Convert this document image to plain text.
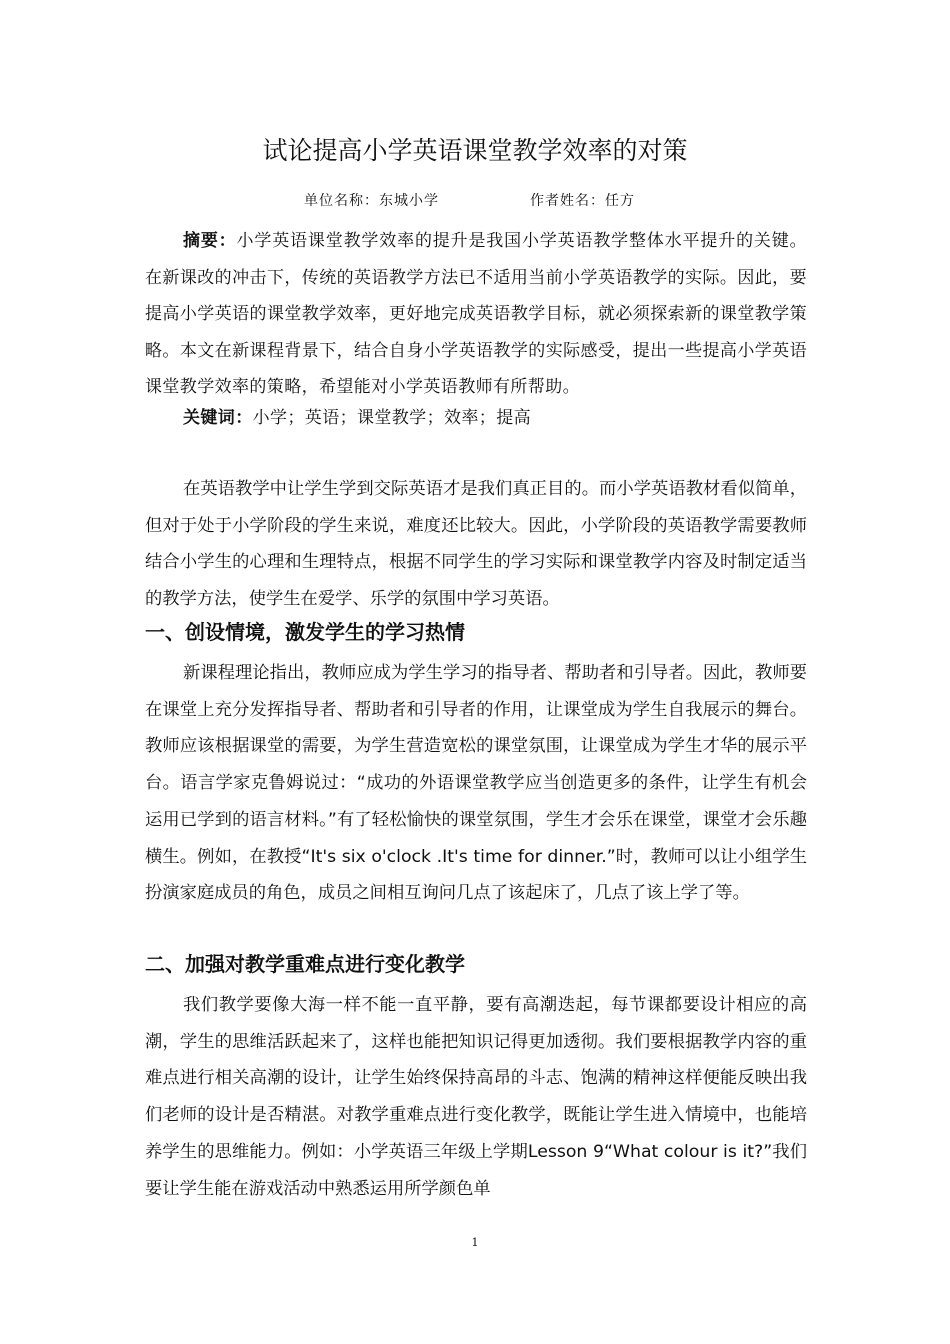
试论提高小学英语课堂教学效率的对策
单位名称：东城小学	作者姓名：任方
摘要：小学英语课堂教学效率的提升是我国小学英语教学整体水平提升的关键。在新课改的冲击下，传统的英语教学方法已不适用当前小学英语教学的实际。因此，要提高小学英语的课堂教学效率，更好地完成英语教学目标，就必须探索新的课堂教学策略。本文在新课程背景下，结合自身小学英语教学的实际感受，提出一些提高小学英语课堂教学效率的策略，希望能对小学英语教师有所帮助。
关键词：小学；英语；课堂教学；效率；提高
在英语教学中让学生学到交际英语才是我们真正目的。而小学英语教材看似简单，但对于处于小学阶段的学生来说，难度还比较大。因此，小学阶段的英语教学需要教师结合小学生的心理和生理特点，根据不同学生的学习实际和课堂教学内容及时制定适当的教学方法，使学生在爱学、乐学的氛围中学习英语。
一、创设情境，激发学生的学习热情
新课程理论指出，教师应成为学生学习的指导者、帮助者和引导者。因此，教师要在课堂上充分发挥指导者、帮助者和引导者的作用，让课堂成为学生自我展示的舞台。教师应该根据课堂的需要，为学生营造宽松的课堂氛围，让课堂成为学生才华的展示平台。语言学家克鲁姆说过：“成功的外语课堂教学应当创造更多的条件，让学生有机会运用已学到的语言材料。”有了轻松愉快的课堂氛围，学生才会乐在课堂，课堂才会乐趣横生。例如，在教授“It's six o'clock .It's time for dinner.”时，教师可以让小组学生扮演家庭成员的角色，成员之间相互询问几点了该起床了，几点了该上学了等。
二、加强对教学重难点进行变化教学
我们教学要像大海一样不能一直平静，要有高潮迭起，每节课都要设计相应的高潮，学生的思维活跃起来了，这样也能把知识记得更加透彻。我们要根据教学内容的重难点进行相关高潮的设计，让学生始终保持高昂的斗志、饱满的精神这样便能反映出我们老师的设计是否精湛。对教学重难点进行变化教学，既能让学生进入情境中，也能培养学生的思维能力。例如：小学英语三年级上学期Lesson 9“What colour is it?”我们要让学生能在游戏活动中熟悉运用所学颜色单
1
